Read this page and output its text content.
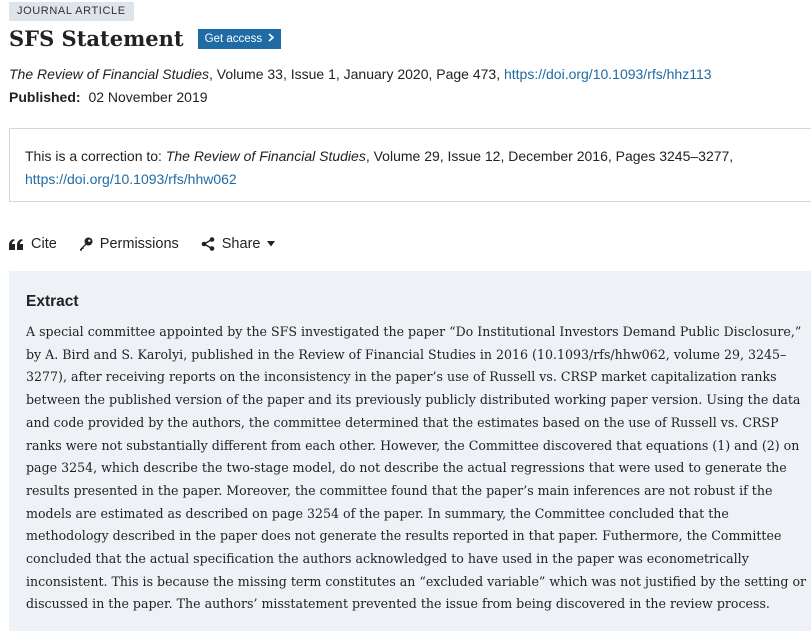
JOURNAL ARTICLE
SFS Statement Get access
The Review of Financial Studies, Volume 33, Issue 1, January 2020, Page 473, https://doi.org/10.1093/rfs/hhz113
Published: 02 November 2019
This is a correction to: The Review of Financial Studies, Volume 29, Issue 12, December 2016, Pages 3245–3277,
https://doi.org/10.1093/rfs/hhw062
Cite	Permissions	Share
Extract

A special committee appointed by the SFS investigated the paper “Do Institutional Investors Demand Public Disclosure,” by A. Bird and S. Karolyi, published in the Review of Financial Studies in 2016 (10.1093/rfs/hhw062, volume 29, 3245–3277), after receiving reports on the inconsistency in the paper’s use of Russell vs. CRSP market capitalization ranks between the published version of the paper and its previously publicly distributed working paper version. Using the data and code provided by the authors, the committee determined that the estimates based on the use of Russell vs. CRSP ranks were not substantially different from each other. However, the Committee discovered that equations (1) and (2) on page 3254, which describe the two-stage model, do not describe the actual regressions that were used to generate the results presented in the paper. Moreover, the committee found that the paper’s main inferences are not robust if the models are estimated as described on page 3254 of the paper. In summary, the Committee concluded that the methodology described in the paper does not generate the results reported in that paper. Futhermore, the Committee concluded that the actual specification the authors acknowledged to have used in the paper was econometrically inconsistent. This is because the missing term constitutes an “excluded variable” which was not justified by the setting or discussed in the paper. The authors’ misstatement prevented the issue from being discovered in the review process.
